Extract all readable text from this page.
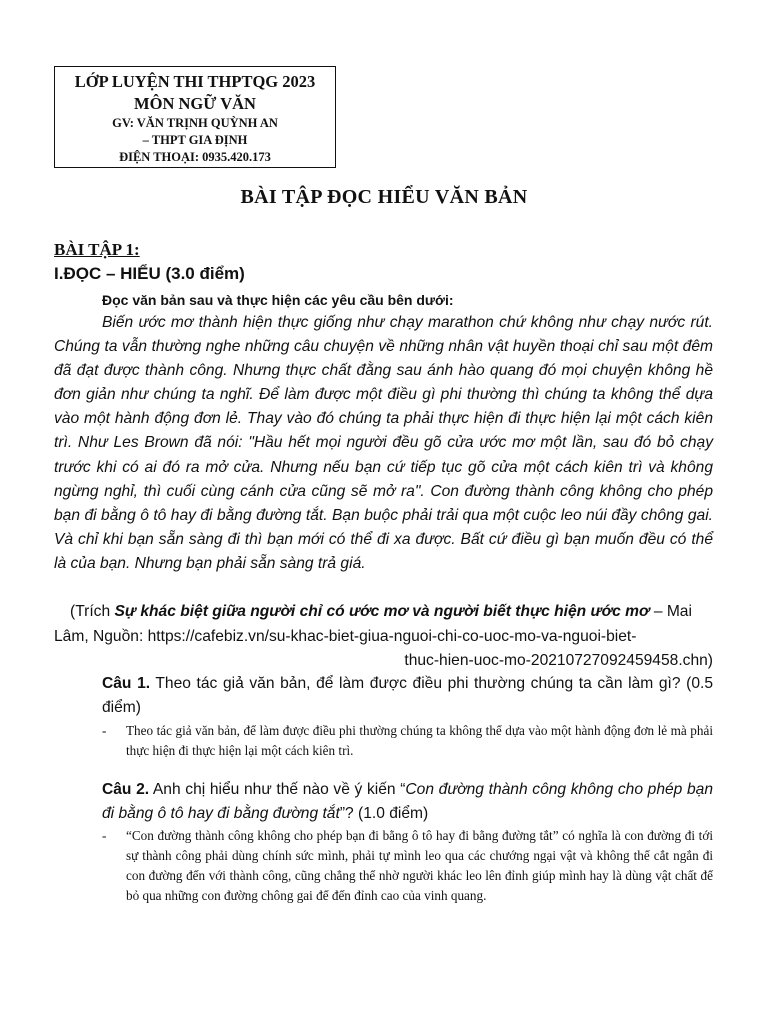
LỚP LUYỆN THI THPTQG 2023
MÔN NGỮ VĂN
GV: VĂN TRỊNH QUỲNH AN
– THPT GIA ĐỊNH
ĐIỆN THOẠI: 0935.420.173
BÀI TẬP ĐỌC HIỂU VĂN BẢN
BÀI TẬP 1:
I.ĐỌC – HIỂU (3.0 điểm)
Đọc văn bản sau và thực hiện các yêu cầu bên dưới:
Biến ước mơ thành hiện thực giống như chạy marathon chứ không như chạy nước rút. Chúng ta vẫn thường nghe những câu chuyện về những nhân vật huyền thoại chỉ sau một đêm đã đạt được thành công. Nhưng thực chất đằng sau ánh hào quang đó mọi chuyện không hề đơn giản như chúng ta nghĩ. Để làm được một điều gì phi thường thì chúng ta không thể dựa vào một hành động đơn lẻ. Thay vào đó chúng ta phải thực hiện đi thực hiện lại một cách kiên trì. Như Les Brown đã nói: "Hầu hết mọi người đều gõ cửa ước mơ một lần, sau đó bỏ chạy trước khi có ai đó ra mở cửa. Nhưng nếu bạn cứ tiếp tục gõ cửa một cách kiên trì và không ngừng nghỉ, thì cuối cùng cánh cửa cũng sẽ mở ra". Con đường thành công không cho phép bạn đi bằng ô tô hay đi bằng đường tắt. Bạn buộc phải trải qua một cuộc leo núi đầy chông gai. Và chỉ khi bạn sẵn sàng đi thì bạn mới có thể đi xa được. Bất cứ điều gì bạn muốn đều có thể là của bạn. Nhưng bạn phải sẵn sàng trả giá.
(Trích Sự khác biệt giữa người chỉ có ước mơ và người biết thực hiện ước mơ – Mai
Lâm, Nguồn: https://cafebiz.vn/su-khac-biet-giua-nguoi-chi-co-uoc-mo-va-nguoi-biet-
thuc-hien-uoc-mo-20210727092459458.chn)
Câu 1. Theo tác giả văn bản, để làm được điều phi thường chúng ta cần làm gì? (0.5 điểm)
- Theo tác giả văn bản, để làm được điều phi thường chúng ta không thể dựa vào một hành động đơn lẻ mà phải thực hiện đi thực hiện lại một cách kiên trì.
Câu 2. Anh chị hiểu như thế nào về ý kiến “Con đường thành công không cho phép bạn đi bằng ô tô hay đi bằng đường tắt”? (1.0 điểm)
- “Con đường thành công không cho phép bạn đi bằng ô tô hay đi bằng đường tắt” có nghĩa là con đường đi tới sự thành công phải dùng chính sức mình, phải tự mình leo qua các chướng ngại vật và không thể cắt ngắn đi con đường đến với thành công, cũng chẳng thể nhờ người khác leo lên đỉnh giúp mình hay là dùng vật chất để bỏ qua những con đường chông gai để đến đỉnh cao của vinh quang.
